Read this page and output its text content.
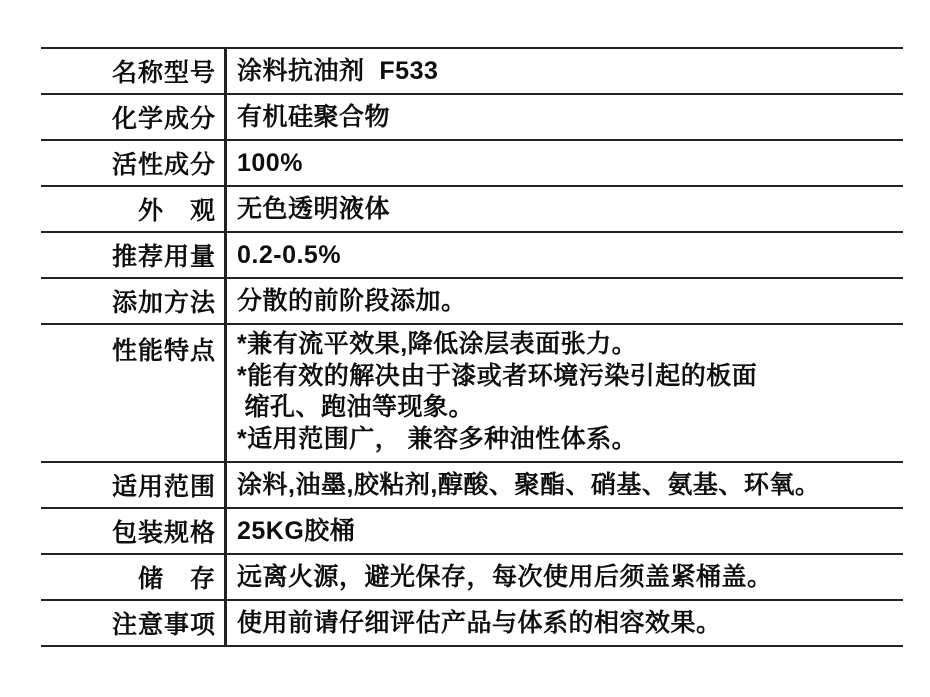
名称型号 涂料抗油剂  F533
化学成分 有机硅聚合物
活性成分 100%
外　观 无色透明液体
推荐用量 0.2-0.5%
添加方法 分散的前阶段添加。
性能特点 *兼有流平效果,降低涂层表面张力。
*能有效的解决由于漆或者环境污染引起的板面
缩孔、跑油等现象。
*适用范围广， 兼容多种油性体系。
适用范围 涂料,油墨,胶粘剂,醇酸、聚酯、硝基、氨基、环氧。
包装规格 25KG胶桶
储　存 远离火源，避光保存，每次使用后须盖紧桶盖。
注意事项 使用前请仔细评估产品与体系的相容效果。
